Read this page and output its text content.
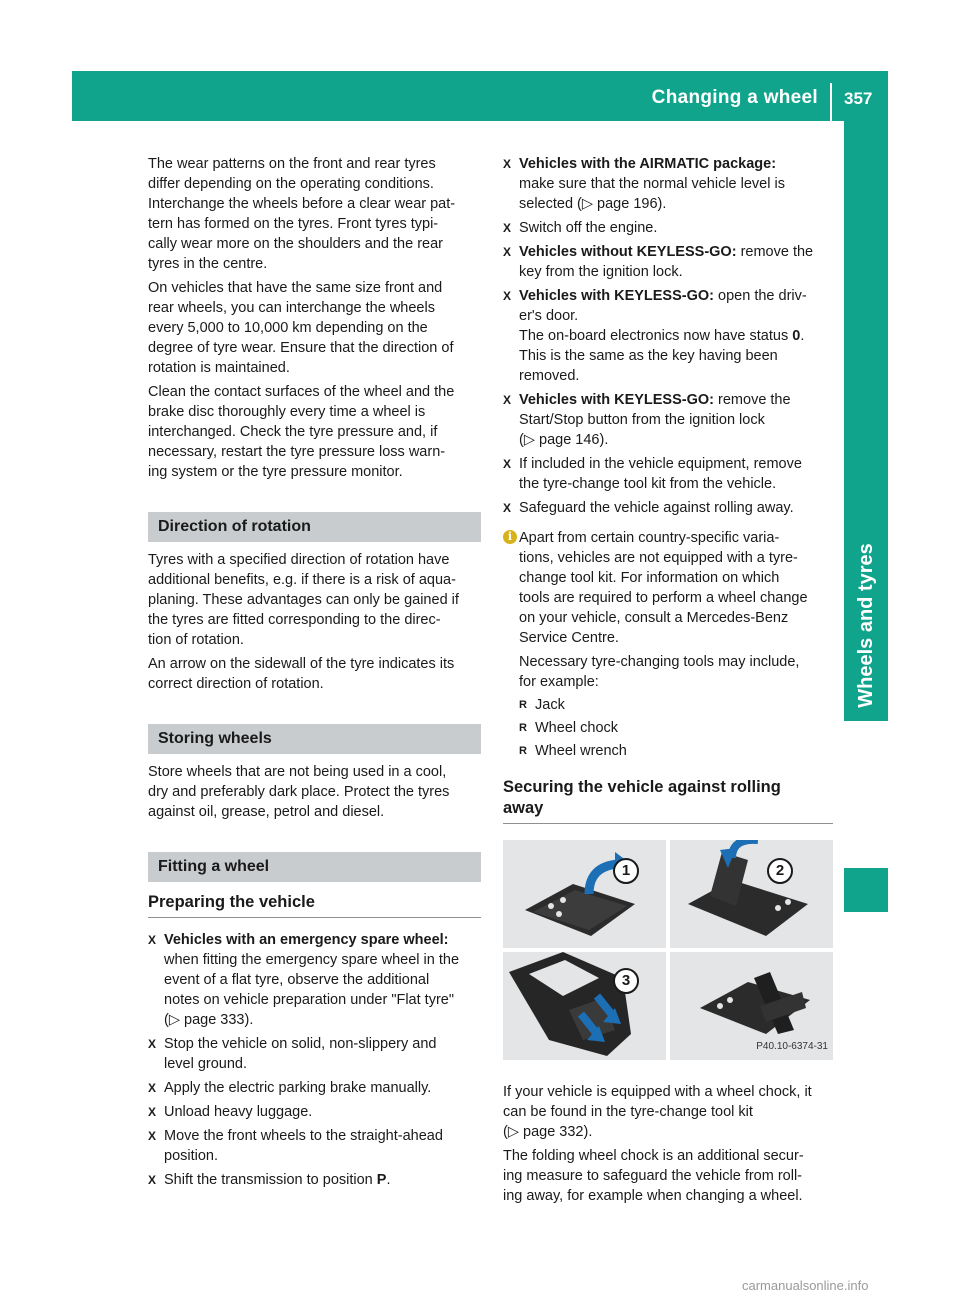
Changing a wheel 357
Wheels and tyres
The wear patterns on the front and rear tyres
differ depending on the operating conditions.
Interchange the wheels before a clear wear pat-
tern has formed on the tyres. Front tyres typi-
cally wear more on the shoulders and the rear
tyres in the centre.
On vehicles that have the same size front and
rear wheels, you can interchange the wheels
every 5,000 to 10,000 km depending on the
degree of tyre wear. Ensure that the direction of
rotation is maintained.
Clean the contact surfaces of the wheel and the
brake disc thoroughly every time a wheel is
interchanged. Check the tyre pressure and, if
necessary, restart the tyre pressure loss warn-
ing system or the tyre pressure monitor.
Direction of rotation
Tyres with a specified direction of rotation have
additional benefits, e.g. if there is a risk of aqua-
planing. These advantages can only be gained if
the tyres are fitted corresponding to the direc-
tion of rotation.
An arrow on the sidewall of the tyre indicates its
correct direction of rotation.
Storing wheels
Store wheels that are not being used in a cool,
dry and preferably dark place. Protect the tyres
against oil, grease, petrol and diesel.
Fitting a wheel
Preparing the vehicle
X Vehicles with an emergency spare wheel:
when fitting the emergency spare wheel in the
event of a flat tyre, observe the additional
notes on vehicle preparation under "Flat tyre"
(▷ page 333).
X Stop the vehicle on solid, non-slippery and
level ground.
X Apply the electric parking brake manually.
X Unload heavy luggage.
X Move the front wheels to the straight-ahead
position.
X Shift the transmission to position P.
X Vehicles with the AIRMATIC package:
make sure that the normal vehicle level is
selected (▷ page 196).
X Switch off the engine.
X Vehicles without KEYLESS-GO: remove the
key from the ignition lock.
X Vehicles with KEYLESS-GO: open the driv-
er's door.
The on-board electronics now have status 0.
This is the same as the key having been
removed.
X Vehicles with KEYLESS-GO: remove the
Start/Stop button from the ignition lock
(▷ page 146).
X If included in the vehicle equipment, remove
the tyre-change tool kit from the vehicle.
X Safeguard the vehicle against rolling away.
i Apart from certain country-specific varia-
tions, vehicles are not equipped with a tyre-
change tool kit. For information on which
tools are required to perform a wheel change
on your vehicle, consult a Mercedes-Benz
Service Centre.
Necessary tyre-changing tools may include,
for example:
R Jack
R Wheel chock
R Wheel wrench
Securing the vehicle against rolling
away
1	2
3
P40.10-6374-31
If your vehicle is equipped with a wheel chock, it
can be found in the tyre-change tool kit
(▷ page 332).
The folding wheel chock is an additional secur-
ing measure to safeguard the vehicle from roll-
ing away, for example when changing a wheel.
carmanualsonline.info
